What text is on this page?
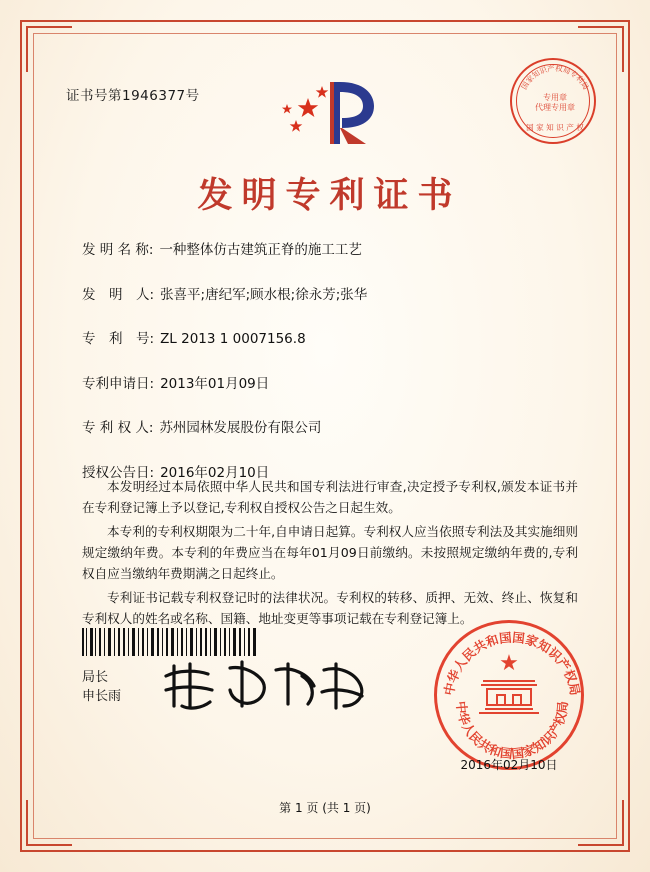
证书号第1946377号
国家知识产权局专利局
专用章
代理专用章
国 家 知 识 产 权
发明专利证书
发 明 名 称: 一种整体仿古建筑正脊的施工工艺
发　明　人: 张喜平;唐纪军;顾水根;徐永芳;张华
专　利　号: ZL 2013 1 0007156.8
专利申请日: 2013年01月09日
专 利 权 人: 苏州园林发展股份有限公司
授权公告日: 2016年02月10日

本发明经过本局依照中华人民共和国专利法进行审查,决定授予专利权,颁发本证书并在专利登记簿上予以登记,专利权自授权公告之日起生效。

本专利的专利权期限为二十年,自申请日起算。专利权人应当依照专利法及其实施细则规定缴纳年费。本专利的年费应当在每年01月09日前缴纳。未按照规定缴纳年费的,专利权自应当缴纳年费期满之日起终止。

专利证书记载专利权登记时的法律状况。专利权的转移、质押、无效、终止、恢复和专利权人的姓名或名称、国籍、地址变更等事项记载在专利登记簿上。

局长
申长雨	中华人民共和国国家知识产权局
中华人民共和国国家知识产权局
★
2016年02月10日
第 1 页 (共 1 页)
